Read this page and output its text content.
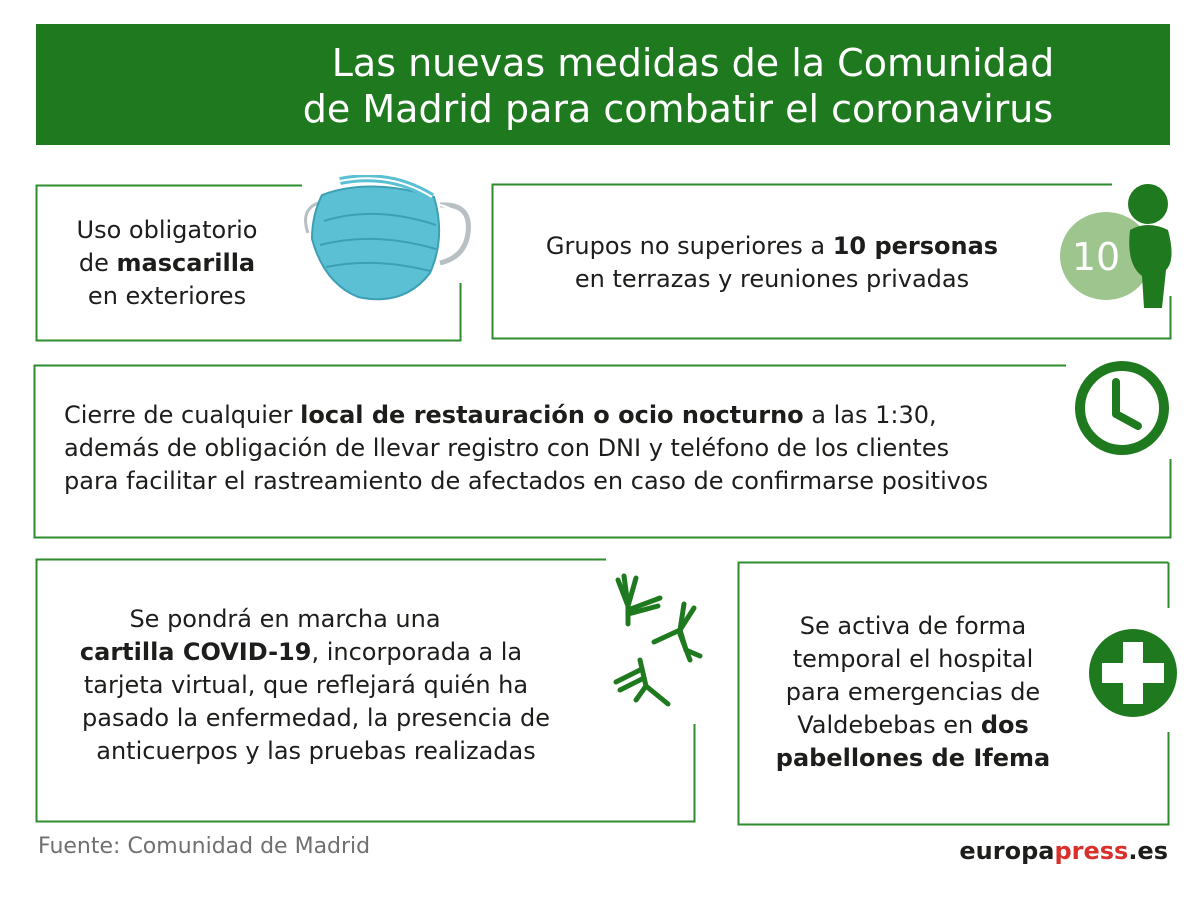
Las nuevas medidas de la Comunidad
de Madrid para combatir el coronavirus
Uso obligatorio
de mascarilla
en exteriores
Grupos no superiores a 10 personas
en terrazas y reuniones privadas	10
Cierre de cualquier local de restauración o ocio nocturno a las 1:30,
además de obligación de llevar registro con DNI y teléfono de los clientes
para facilitar el rastreamiento de afectados en caso de confirmarse positivos
Se pondrá en marcha una
cartilla COVID-19, incorporada a la
tarjeta virtual, que reflejará quién ha
pasado la enfermedad, la presencia de
anticuerpos y las pruebas realizadas
Se activa de forma
temporal el hospital
para emergencias de
Valdebebas en dos
pabellones de Ifema
Fuente: Comunidad de Madrid	europapress.es
